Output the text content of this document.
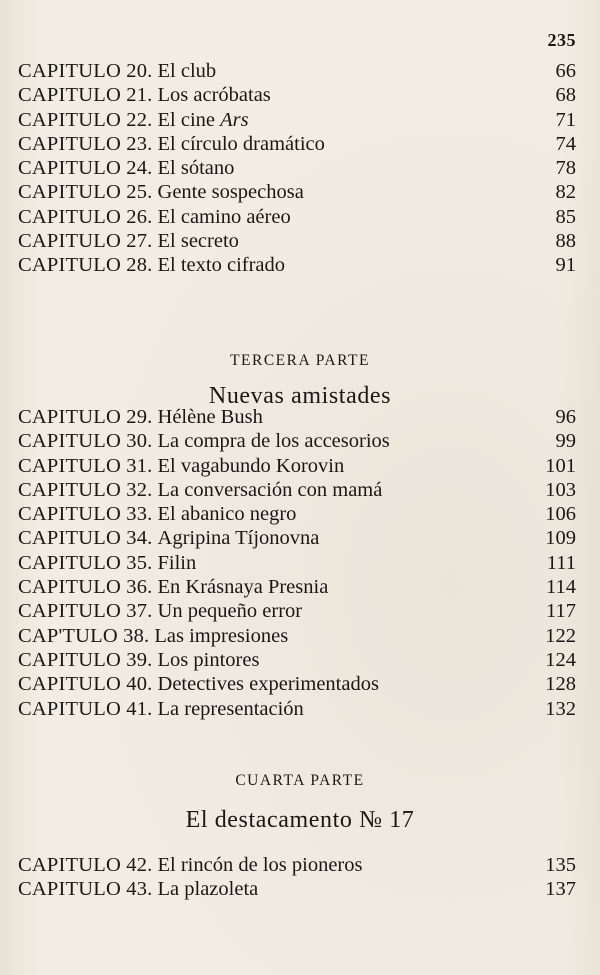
235
CAPITULO 20. El club	66
CAPITULO 21. Los acróbatas	68
CAPITULO 22. El cine Ars	71
CAPITULO 23. El círculo dramático	74
CAPITULO 24. El sótano	78
CAPITULO 25. Gente sospechosa	82
CAPITULO 26. El camino aéreo	85
CAPITULO 27. El secreto	88
CAPITULO 28. El texto cifrado	91
TERCERA PARTE
Nuevas amistades
CAPITULO 29. Hélène Bush	96
CAPITULO 30. La compra de los accesorios	99
CAPITULO 31. El vagabundo Korovin	101
CAPITULO 32. La conversación con mamá	103
CAPITULO 33. El abanico negro	106
CAPITULO 34. Agripina Tíjonovna	109
CAPITULO 35. Filin	111
CAPITULO 36. En Krásnaya Presnia	114
CAPITULO 37. Un pequeño error	117
CAP'TULO 38. Las impresiones	122
CAPITULO 39. Los pintores	124
CAPITULO 40. Detectives experimentados	128
CAPITULO 41. La representación	132
CUARTA PARTE
El destacamento № 17
CAPITULO 42. El rincón de los pioneros	135
CAPITULO 43. La plazoleta	137
